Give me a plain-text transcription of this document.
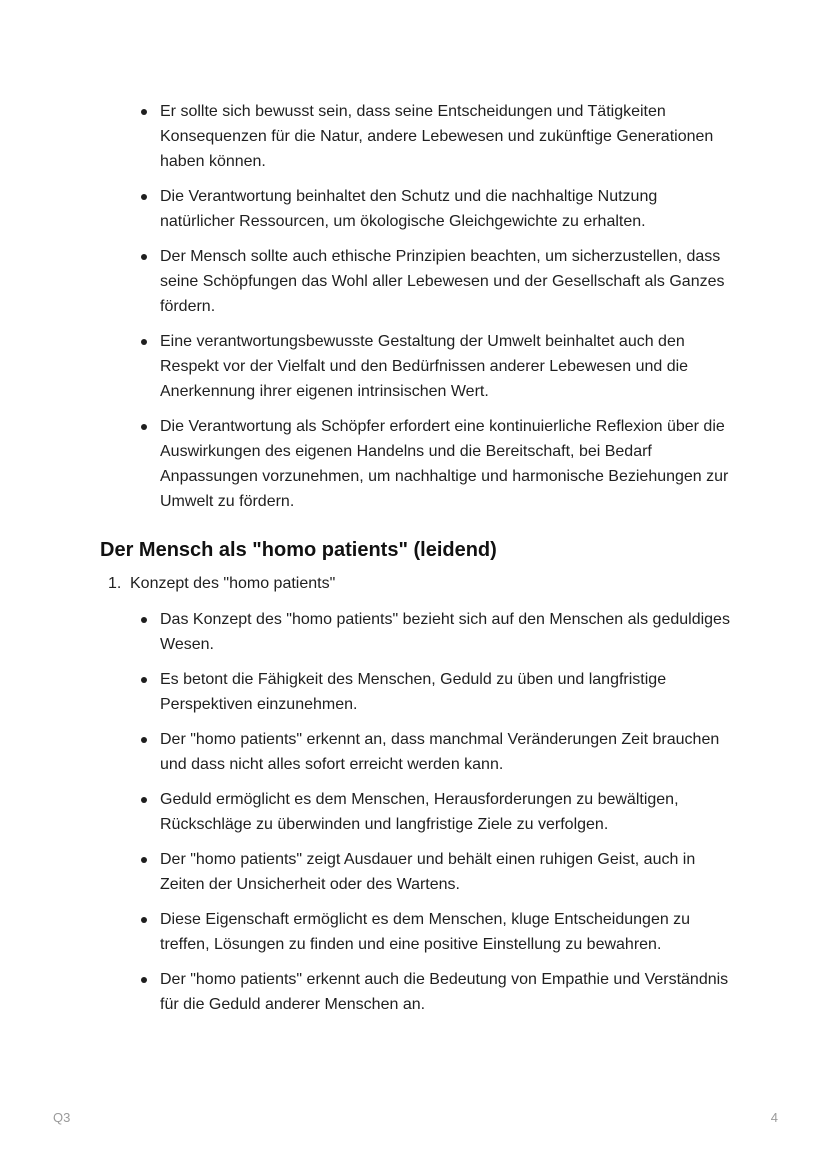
Er sollte sich bewusst sein, dass seine Entscheidungen und Tätigkeiten Konsequenzen für die Natur, andere Lebewesen und zukünftige Generationen haben können.
Die Verantwortung beinhaltet den Schutz und die nachhaltige Nutzung natürlicher Ressourcen, um ökologische Gleichgewichte zu erhalten.
Der Mensch sollte auch ethische Prinzipien beachten, um sicherzustellen, dass seine Schöpfungen das Wohl aller Lebewesen und der Gesellschaft als Ganzes fördern.
Eine verantwortungsbewusste Gestaltung der Umwelt beinhaltet auch den Respekt vor der Vielfalt und den Bedürfnissen anderer Lebewesen und die Anerkennung ihrer eigenen intrinsischen Wert.
Die Verantwortung als Schöpfer erfordert eine kontinuierliche Reflexion über die Auswirkungen des eigenen Handelns und die Bereitschaft, bei Bedarf Anpassungen vorzunehmen, um nachhaltige und harmonische Beziehungen zur Umwelt zu fördern.
Der Mensch als "homo patients" (leidend)
1. Konzept des "homo patients"
Das Konzept des "homo patients" bezieht sich auf den Menschen als geduldiges Wesen.
Es betont die Fähigkeit des Menschen, Geduld zu üben und langfristige Perspektiven einzunehmen.
Der "homo patients" erkennt an, dass manchmal Veränderungen Zeit brauchen und dass nicht alles sofort erreicht werden kann.
Geduld ermöglicht es dem Menschen, Herausforderungen zu bewältigen, Rückschläge zu überwinden und langfristige Ziele zu verfolgen.
Der "homo patients" zeigt Ausdauer und behält einen ruhigen Geist, auch in Zeiten der Unsicherheit oder des Wartens.
Diese Eigenschaft ermöglicht es dem Menschen, kluge Entscheidungen zu treffen, Lösungen zu finden und eine positive Einstellung zu bewahren.
Der "homo patients" erkennt auch die Bedeutung von Empathie und Verständnis für die Geduld anderer Menschen an.
Q3	4
